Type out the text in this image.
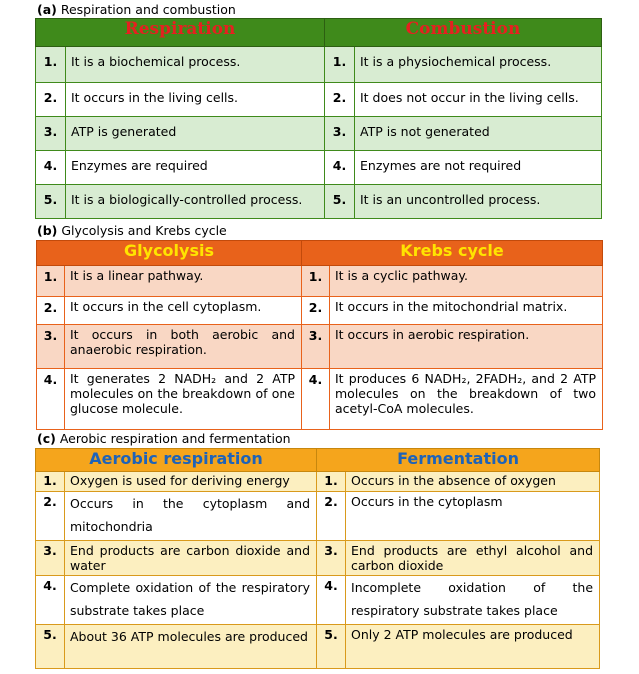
(a) Respiration and combustion
Respiration		Combustion	
1.	It is a biochemical process.	1.	It is a physiochemical process.
2.	It occurs in the living cells.	2.	It does not occur in the living cells.
3.	ATP is generated	3.	ATP is not generated
4.	Enzymes are required	4.	Enzymes are not required
5.	It is a biologically-controlled process.	5.	It is an uncontrolled process.
(b) Glycolysis and Krebs cycle
Glycolysis		Krebs cycle	
1.	It is a linear pathway.	1.	It is a cyclic pathway.
2.	It occurs in the cell cytoplasm.	2.	It occurs in the mitochondrial matrix.
3.	It occurs in both aerobic and anaerobic respiration.	3.	It occurs in aerobic respiration.
4.	It generates 2 NADH₂ and 2 ATP molecules on the breakdown of one glucose molecule.	4.	It produces 6 NADH₂, 2FADH₂, and 2 ATP molecules on the breakdown of two acetyl-CoA molecules.
(c) Aerobic respiration and fermentation
Aerobic respiration		Fermentation	
1.	Oxygen is used for deriving energy	1.	Occurs in the absence of oxygen
2.	Occurs in the cytoplasm and mitochondria	2.	Occurs in the cytoplasm
3.	End products are carbon dioxide and water	3.	End products are ethyl alcohol and carbon dioxide
4.	Complete oxidation of the respiratory substrate takes place	4.	Incomplete oxidation of the respiratory substrate takes place
5.	About 36 ATP molecules are produced	5.	Only 2 ATP molecules are produced
